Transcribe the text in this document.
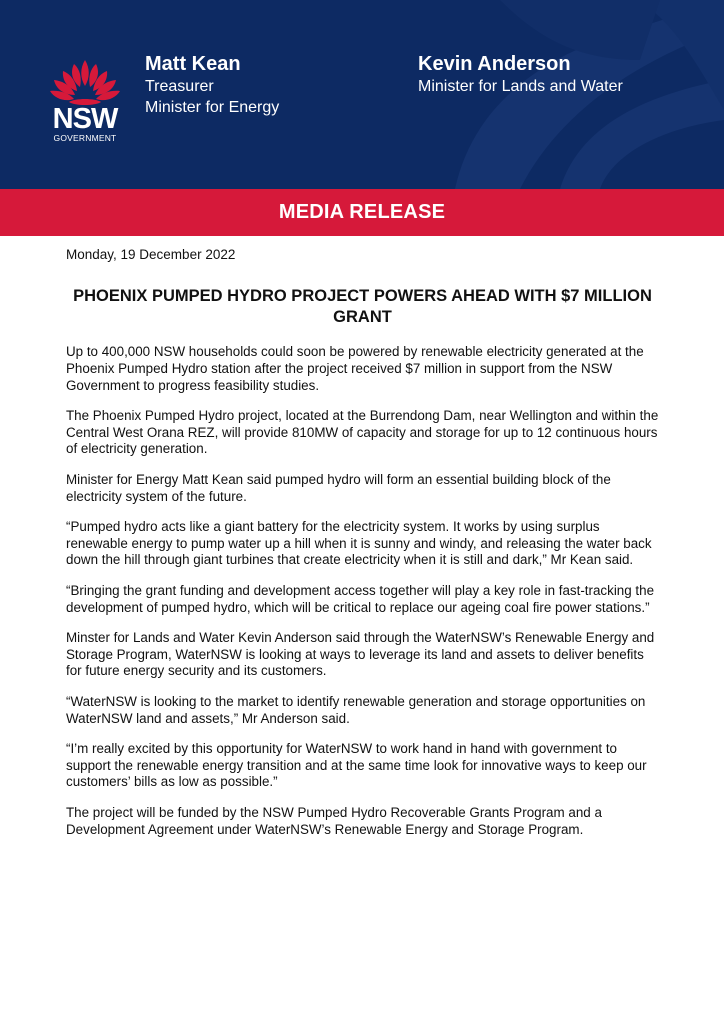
NSW
GOVERNMENT
Matt Kean
Treasurer
Minister for Energy
Kevin Anderson
Minister for Lands and Water
MEDIA RELEASE
Monday, 19 December 2022
PHOENIX PUMPED HYDRO PROJECT POWERS AHEAD WITH $7 MILLION GRANT

Up to 400,000 NSW households could soon be powered by renewable electricity generated at the Phoenix Pumped Hydro station after the project received $7 million in support from the NSW Government to progress feasibility studies.

The Phoenix Pumped Hydro project, located at the Burrendong Dam, near Wellington and within the Central West Orana REZ, will provide 810MW of capacity and storage for up to 12 continuous hours of electricity generation.

Minister for Energy Matt Kean said pumped hydro will form an essential building block of the electricity system of the future.

“Pumped hydro acts like a giant battery for the electricity system. It works by using surplus renewable energy to pump water up a hill when it is sunny and windy, and releasing the water back down the hill through giant turbines that create electricity when it is still and dark,” Mr Kean said.

“Bringing the grant funding and development access together will play a key role in fast-tracking the development of pumped hydro, which will be critical to replace our ageing coal fire power stations.”

Minster for Lands and Water Kevin Anderson said through the WaterNSW’s Renewable Energy and Storage Program, WaterNSW is looking at ways to leverage its land and assets to deliver benefits for future energy security and its customers.

“WaterNSW is looking to the market to identify renewable generation and storage opportunities on WaterNSW land and assets,” Mr Anderson said.

“I’m really excited by this opportunity for WaterNSW to work hand in hand with government to support the renewable energy transition and at the same time look for innovative ways to keep our customers’ bills as low as possible.”

The project will be funded by the NSW Pumped Hydro Recoverable Grants Program and a Development Agreement under WaterNSW’s Renewable Energy and Storage Program.
